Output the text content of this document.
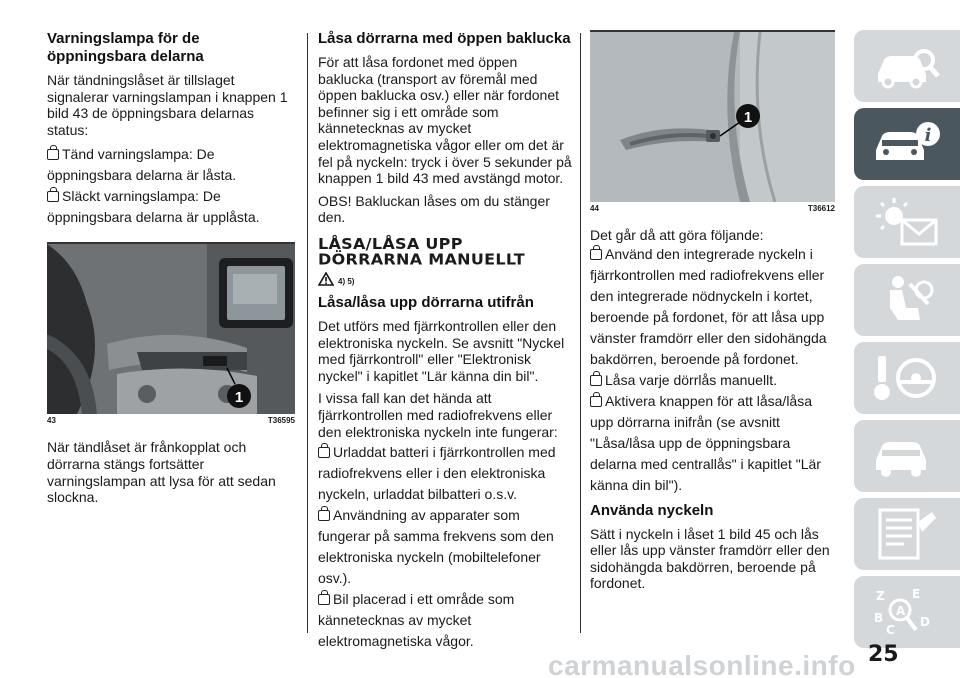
Varningslampa för de öppningsbara delarna

När tändningslåset är tillslaget signalerar varningslampan i knappen 1 bild 43 de öppningsbara delarnas status:

Tänd varningslampa: De öppningsbara delarna är låsta.
Släckt varningslampa: De öppningsbara delarna är upplåsta.
1
43	T36595

När tändlåset är frånkopplat och dörrarna stängs fortsätter varningslampan att lysa för att sedan slockna.

Låsa dörrarna med öppen baklucka

För att låsa fordonet med öppen baklucka (transport av föremål med öppen baklucka osv.) eller när fordonet befinner sig i ett område som kännetecknas av mycket elektromagnetiska vågor eller om det är fel på nyckeln: tryck i över 5 sekunder på knappen 1 bild 43 med avstängd motor.

OBS! Bakluckan låses om du stänger den.

LÅSA/LÅSA UPP DÖRRARNA MANUELLT
4) 5)
Låsa/låsa upp dörrarna utifrån

Det utförs med fjärrkontrollen eller den elektroniska nyckeln. Se avsnitt "Nyckel med fjärrkontroll" eller "Elektronisk nyckel" i kapitlet "Lär känna din bil".

I vissa fall kan det hända att fjärrkontrollen med radiofrekvens eller den elektroniska nyckeln inte fungerar:

Urladdat batteri i fjärrkontrollen med radiofrekvens eller i den elektroniska nyckeln, urladdat bilbatteri o.s.v.
Användning av apparater som fungerar på samma frekvens som den elektroniska nyckeln (mobiltelefoner osv.).
Bil placerad i ett område som kännetecknas av mycket elektromagnetiska vågor.
1
44	T36612

Det går då att göra följande:

Använd den integrerade nyckeln i fjärrkontrollen med radiofrekvens eller den integrerade nödnyckeln i kortet, beroende på fordonet, för att låsa upp vänster framdörr eller den sidohängda bakdörren, beroende på fordonet.
Låsa varje dörrlås manuellt.
Aktivera knappen för att låsa/låsa upp dörrarna inifrån (se avsnitt "Låsa/låsa upp de öppningsbara delarna med centrallås" i kapitlet "Lär känna din bil").
Använda nyckeln

Sätt i nyckeln i låset 1 bild 45 och lås eller lås upp vänster framdörr eller den sidohängda bakdörren, beroende på fordonet.

i
Z E
B
C
D
A
25
carmanualsonline.info
